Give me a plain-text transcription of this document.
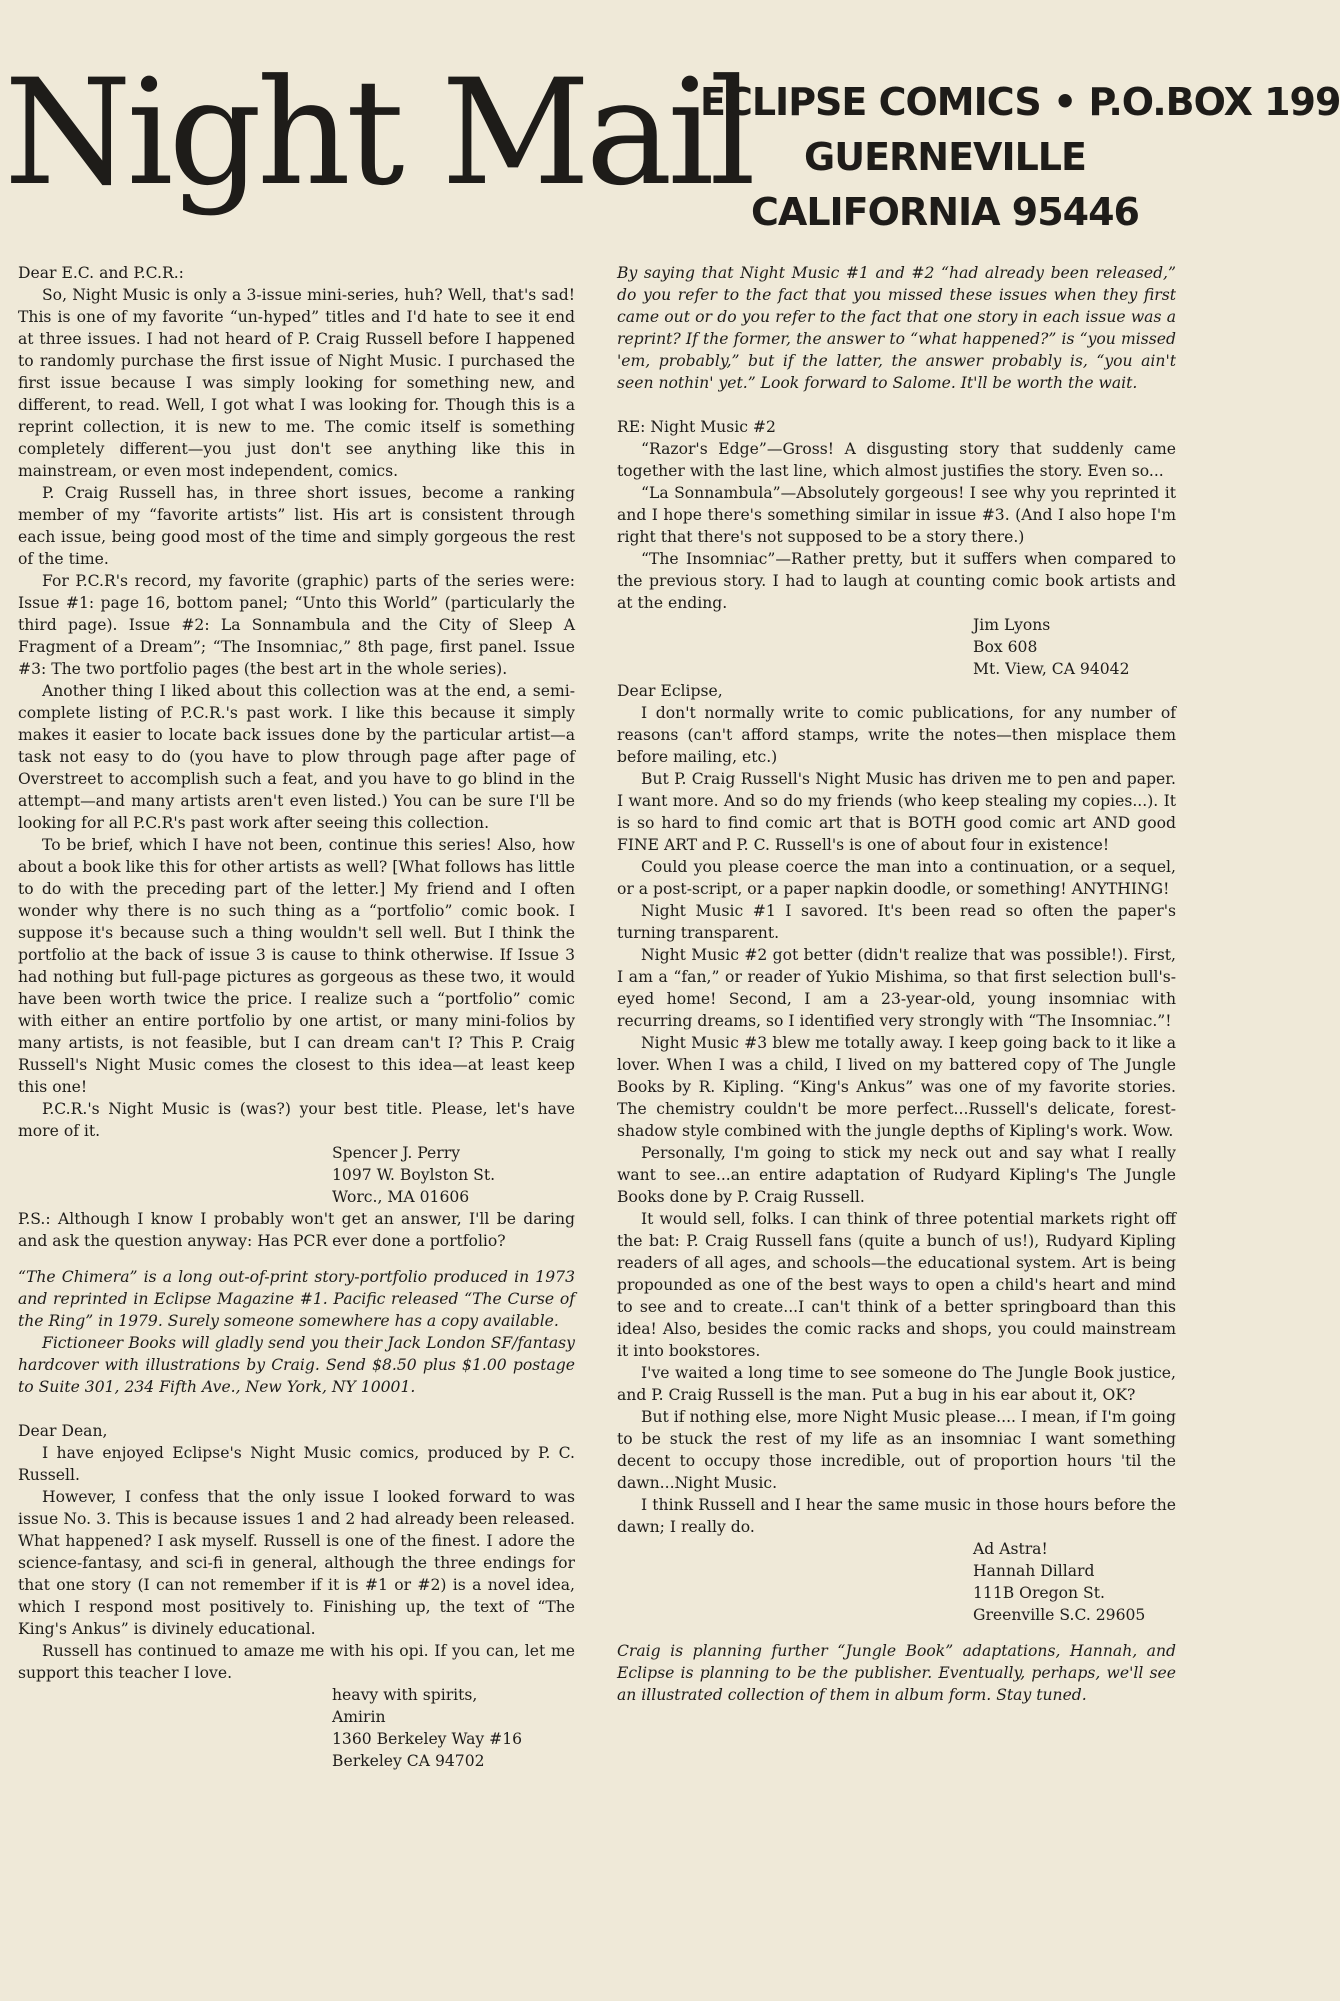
Night Mail
ECLIPSE COMICS • P.O.BOX 199
GUERNEVILLE
CALIFORNIA 95446

Dear E.C. and P.C.R.:

So, Night Music is only a 3-issue mini-series, huh? Well, that's sad! This is one of my favorite “un-hyped” titles and I'd hate to see it end at three issues. I had not heard of P. Craig Russell before I happened to randomly purchase the first issue of Night Music. I purchased the first issue because I was simply looking for something new, and different, to read. Well, I got what I was looking for. Though this is a reprint collection, it is new to me. The comic itself is something completely different—you just don't see anything like this in mainstream, or even most independent, comics.

P. Craig Russell has, in three short issues, become a ranking member of my “favorite artists” list. His art is consistent through each issue, being good most of the time and simply gorgeous the rest of the time.

For P.C.R's record, my favorite (graphic) parts of the series were: Issue #1: page 16, bottom panel; “Unto this World” (particularly the third page). Issue #2: La Sonnambula and the City of Sleep A Fragment of a Dream”; “The Insomniac,” 8th page, first panel. Issue #3: The two portfolio pages (the best art in the whole series).

Another thing I liked about this collection was at the end, a semi-complete listing of P.C.R.'s past work. I like this because it simply makes it easier to locate back issues done by the particular artist—a task not easy to do (you have to plow through page after page of Overstreet to accomplish such a feat, and you have to go blind in the attempt—and many artists aren't even listed.) You can be sure I'll be looking for all P.C.R's past work after seeing this collection.

To be brief, which I have not been, continue this series! Also, how about a book like this for other artists as well? [What follows has little to do with the preceding part of the letter.] My friend and I often wonder why there is no such thing as a “portfolio” comic book. I suppose it's because such a thing wouldn't sell well. But I think the portfolio at the back of issue 3 is cause to think otherwise. If Issue 3 had nothing but full-page pictures as gorgeous as these two, it would have been worth twice the price. I realize such a “portfolio” comic with either an entire portfolio by one artist, or many mini-folios by many artists, is not feasible, but I can dream can't I? This P. Craig Russell's Night Music comes the closest to this idea—at least keep this one!

P.C.R.'s Night Music is (was?) your best title. Please, let's have more of it.

Spencer J. Perry

1097 W. Boylston St.

Worc., MA 01606

P.S.: Although I know I probably won't get an answer, I'll be daring and ask the question anyway: Has PCR ever done a portfolio?

“The Chimera” is a long out-of-print story-portfolio produced in 1973 and reprinted in Eclipse Magazine #1. Pacific released “The Curse of the Ring” in 1979. Surely someone somewhere has a copy available.

Fictioneer Books will gladly send you their Jack London SF/fantasy hardcover with illustrations by Craig. Send $8.50 plus $1.00 postage to Suite 301, 234 Fifth Ave., New York, NY 10001.

Dear Dean,

I have enjoyed Eclipse's Night Music comics, produced by P. C. Russell.

However, I confess that the only issue I looked forward to was issue No. 3. This is because issues 1 and 2 had already been released. What happened? I ask myself. Russell is one of the finest. I adore the science-fantasy, and sci-fi in general, although the three endings for that one story (I can not remember if it is #1 or #2) is a novel idea, which I respond most positively to. Finishing up, the text of “The King's Ankus” is divinely educational.

Russell has continued to amaze me with his opi. If you can, let me support this teacher I love.

heavy with spirits,

Amirin

1360 Berkeley Way #16

Berkeley CA 94702

By saying that Night Music #1 and #2 “had already been released,” do you refer to the fact that you missed these issues when they first came out or do you refer to the fact that one story in each issue was a reprint? If the former, the answer to “what happened?” is “you missed 'em, probably,” but if the latter, the answer probably is, “you ain't seen nothin' yet.” Look forward to Salome. It'll be worth the wait.

RE: Night Music #2

“Razor's Edge”—Gross! A disgusting story that suddenly came together with the last line, which almost justifies the story. Even so...

“La Sonnambula”—Absolutely gorgeous! I see why you reprinted it and I hope there's something similar in issue #3. (And I also hope I'm right that there's not supposed to be a story there.)

“The Insomniac”—Rather pretty, but it suffers when compared to the previous story. I had to laugh at counting comic book artists and at the ending.

Jim Lyons

Box 608

Mt. View, CA 94042

Dear Eclipse,

I don't normally write to comic publications, for any number of reasons (can't afford stamps, write the notes—then misplace them before mailing, etc.)

But P. Craig Russell's Night Music has driven me to pen and paper. I want more. And so do my friends (who keep stealing my copies...). It is so hard to find comic art that is BOTH good comic art AND good FINE ART and P. C. Russell's is one of about four in existence!

Could you please coerce the man into a continuation, or a sequel, or a post-script, or a paper napkin doodle, or something! ANYTHING!

Night Music #1 I savored. It's been read so often the paper's turning transparent.

Night Music #2 got better (didn't realize that was possible!). First, I am a “fan,” or reader of Yukio Mishima, so that first selection bull's-eyed home! Second, I am a 23-year-old, young insomniac with recurring dreams, so I identified very strongly with “The Insomniac.”!

Night Music #3 blew me totally away. I keep going back to it like a lover. When I was a child, I lived on my battered copy of The Jungle Books by R. Kipling. “King's Ankus” was one of my favorite stories. The chemistry couldn't be more perfect...Russell's delicate, forest-shadow style combined with the jungle depths of Kipling's work. Wow.

Personally, I'm going to stick my neck out and say what I really want to see...an entire adaptation of Rudyard Kipling's The Jungle Books done by P. Craig Russell.

It would sell, folks. I can think of three potential markets right off the bat: P. Craig Russell fans (quite a bunch of us!), Rudyard Kipling readers of all ages, and schools—the educational system. Art is being propounded as one of the best ways to open a child's heart and mind to see and to create...I can't think of a better springboard than this idea! Also, besides the comic racks and shops, you could mainstream it into bookstores.

I've waited a long time to see someone do The Jungle Book justice, and P. Craig Russell is the man. Put a bug in his ear about it, OK?

But if nothing else, more Night Music please.... I mean, if I'm going to be stuck the rest of my life as an insomniac I want something decent to occupy those incredible, out of proportion hours 'til the dawn...Night Music.

I think Russell and I hear the same music in those hours before the dawn; I really do.

Ad Astra!

Hannah Dillard

111B Oregon St.

Greenville S.C. 29605

Craig is planning further “Jungle Book” adaptations, Hannah, and Eclipse is planning to be the publisher. Eventually, perhaps, we'll see an illustrated collection of them in album form. Stay tuned.
